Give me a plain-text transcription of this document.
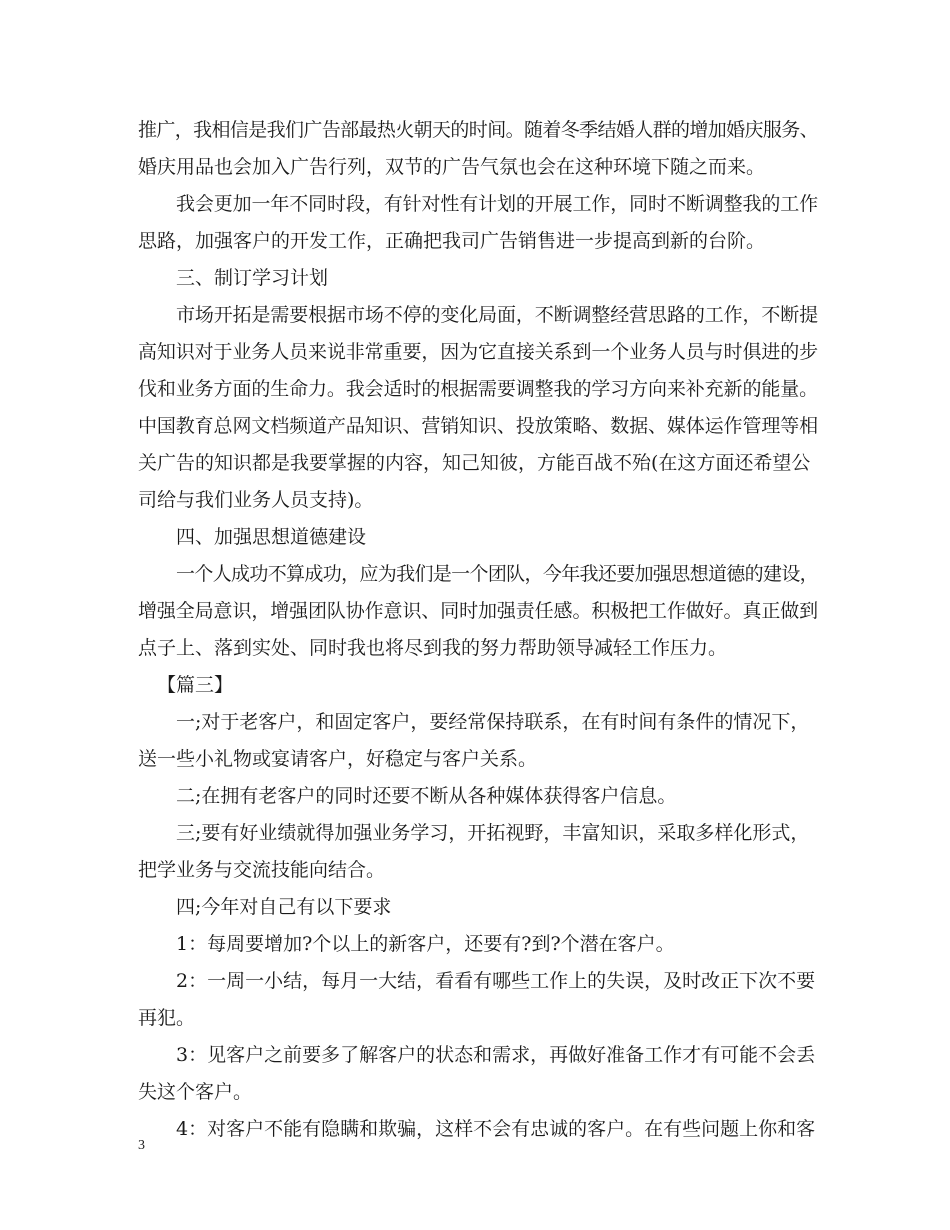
推广，我相信是我们广告部最热火朝天的时间。随着冬季结婚人群的增加婚庆服务、
婚庆用品也会加入广告行列，双节的广告气氛也会在这种环境下随之而来。
我会更加一年不同时段，有针对性有计划的开展工作，同时不断调整我的工作
思路，加强客户的开发工作，正确把我司广告销售进一步提高到新的台阶。
三、制订学习计划
市场开拓是需要根据市场不停的变化局面，不断调整经营思路的工作，不断提
高知识对于业务人员来说非常重要，因为它直接关系到一个业务人员与时俱进的步
伐和业务方面的生命力。我会适时的根据需要调整我的学习方向来补充新的能量。
中国教育总网文档频道产品知识、营销知识、投放策略、数据、媒体运作管理等相
关广告的知识都是我要掌握的内容，知己知彼，方能百战不殆(在这方面还希望公
司给与我们业务人员支持)。
四、加强思想道德建设
一个人成功不算成功，应为我们是一个团队，今年我还要加强思想道德的建设，
增强全局意识，增强团队协作意识、同时加强责任感。积极把工作做好。真正做到
点子上、落到实处、同时我也将尽到我的努力帮助领导减轻工作压力。
【篇三】
一;对于老客户，和固定客户，要经常保持联系，在有时间有条件的情况下，
送一些小礼物或宴请客户，好稳定与客户关系。
二;在拥有老客户的同时还要不断从各种媒体获得客户信息。
三;要有好业绩就得加强业务学习，开拓视野，丰富知识，采取多样化形式，
把学业务与交流技能向结合。
四;今年对自己有以下要求
1：每周要增加?个以上的新客户，还要有?到?个潜在客户。
2：一周一小结，每月一大结，看看有哪些工作上的失误，及时改正下次不要
再犯。
3：见客户之前要多了解客户的状态和需求，再做好准备工作才有可能不会丢
失这个客户。
4：对客户不能有隐瞒和欺骗，这样不会有忠诚的客户。在有些问题上你和客
3
